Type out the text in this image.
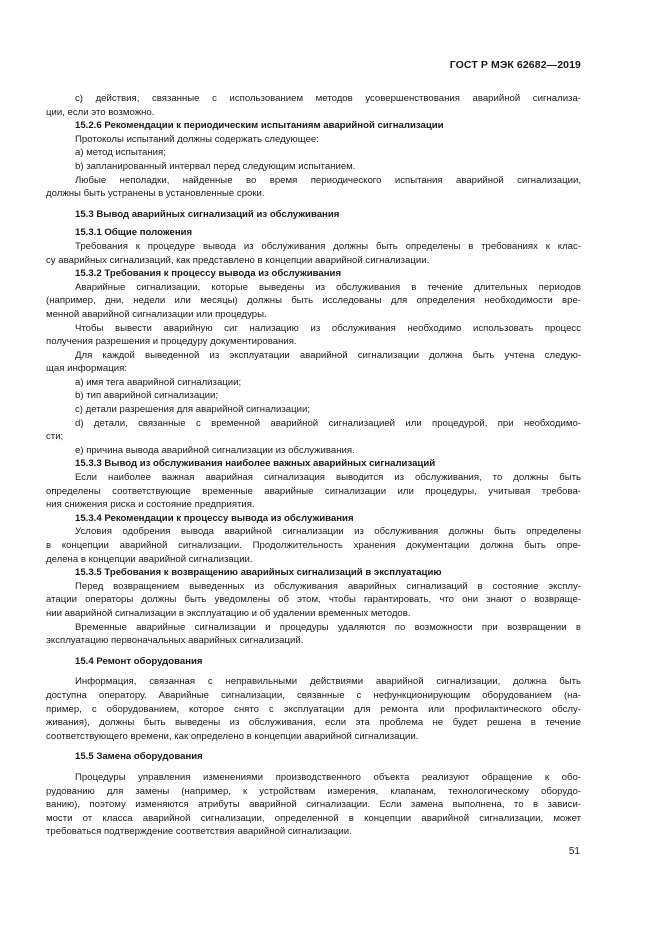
ГОСТ Р МЭК 62682—2019
c) действия, связанные с использованием методов усовершенствования аварийной сигнализа-
ции, если это возможно.
15.2.6 Рекомендации к периодическим испытаниям аварийной сигнализации
Протоколы испытаний должны содержать следующее:
a) метод испытания;
b) запланированный интервал перед следующим испытанием.
Любые неполадки, найденные во время периодического испытания аварийной сигнализации,
должны быть устранены в установленные сроки.
15.3 Вывод аварийных сигнализаций из обслуживания
15.3.1 Общие положения
Требования к процедуре вывода из обслуживания должны быть определены в требованиях к клас-
су аварийных сигнализаций, как представлено в концепции аварийной сигнализации.
15.3.2 Требования к процессу вывода из обслуживания
Аварийные сигнализации, которые выведены из обслуживания в течение длительных периодов
(например, дни, недели или месяцы) должны быть исследованы для определения необходимости вре-
менной аварийной сигнализации или процедуры.
Чтобы вывести аварийную сиг нализацию из обслуживания необходимо использовать процесс
получения разрешения и процедуру документирования.
Для каждой выведенной из эксплуатации аварийной сигнализации должна быть учтена следую-
щая информация:
a) имя тега аварийной сигнализации;
b) тип аварийной сигнализации;
c) детали разрешения для аварийной сигнализации;
d) детали, связанные с временной аварийной сигнализацией или процедурой, при необходимо-
сти;
e) причина вывода аварийной сигнализации из обслуживания.
15.3.3 Вывод из обслуживания наиболее важных аварийных сигнализаций
Если наиболее важная аварийная сигнализация выводится из обслуживания, то должны быть
определены соответствующие временные аварийные сигнализации или процедуры, учитывая требова-
ния снижения риска и состояние предприятия.
15.3.4 Рекомендации к процессу вывода из обслуживания
Условия одобрения вывода аварийной сигнализации из обслуживания должны быть определены
в концепции аварийной сигнализации. Продолжительность хранения документации должна быть опре-
делена в концепции аварийной сигнализации.
15.3.5 Требования к возвращению аварийных сигнализаций в эксплуатацию
Перед возвращением выведенных из обслуживания аварийных сигнализаций в состояние эксплу-
атации операторы должны быть уведомлены об этом, чтобы гарантировать, что они знают о возвраще-
нии аварийной сигнализации в эксплуатацию и об удалении временных методов.
Временные аварийные сигнализации и процедуры удаляются по возможности при возвращении в
эксплуатацию первоначальных аварийных сигнализаций.
15.4 Ремонт оборудования
Информация, связанная с неправильными действиями аварийной сигнализации, должна быть
доступна оператору. Аварийные сигнализации, связанные с нефункционирующим оборудованием (на-
пример, с оборудованием, которое снято с эксплуатации для ремонта или профилактического обслу-
живания), должны быть выведены из обслуживания, если эта проблема не будет решена в течение
соответствующего времени, как определено в концепции аварийной сигнализации.
15.5 Замена оборудования
Процедуры управления изменениями производственного объекта реализуют обращение к обо-
рудованию для замены (например, к устройствам измерения, клапанам, технологическому оборудо-
ванию), поэтому изменяются атрибуты аварийной сигнализации. Если замена выполнена, то в зависи-
мости от класса аварийной сигнализации, определенной в концепции аварийной сигнализации, может
требоваться подтверждение соответствия аварийной сигнализации.
51
